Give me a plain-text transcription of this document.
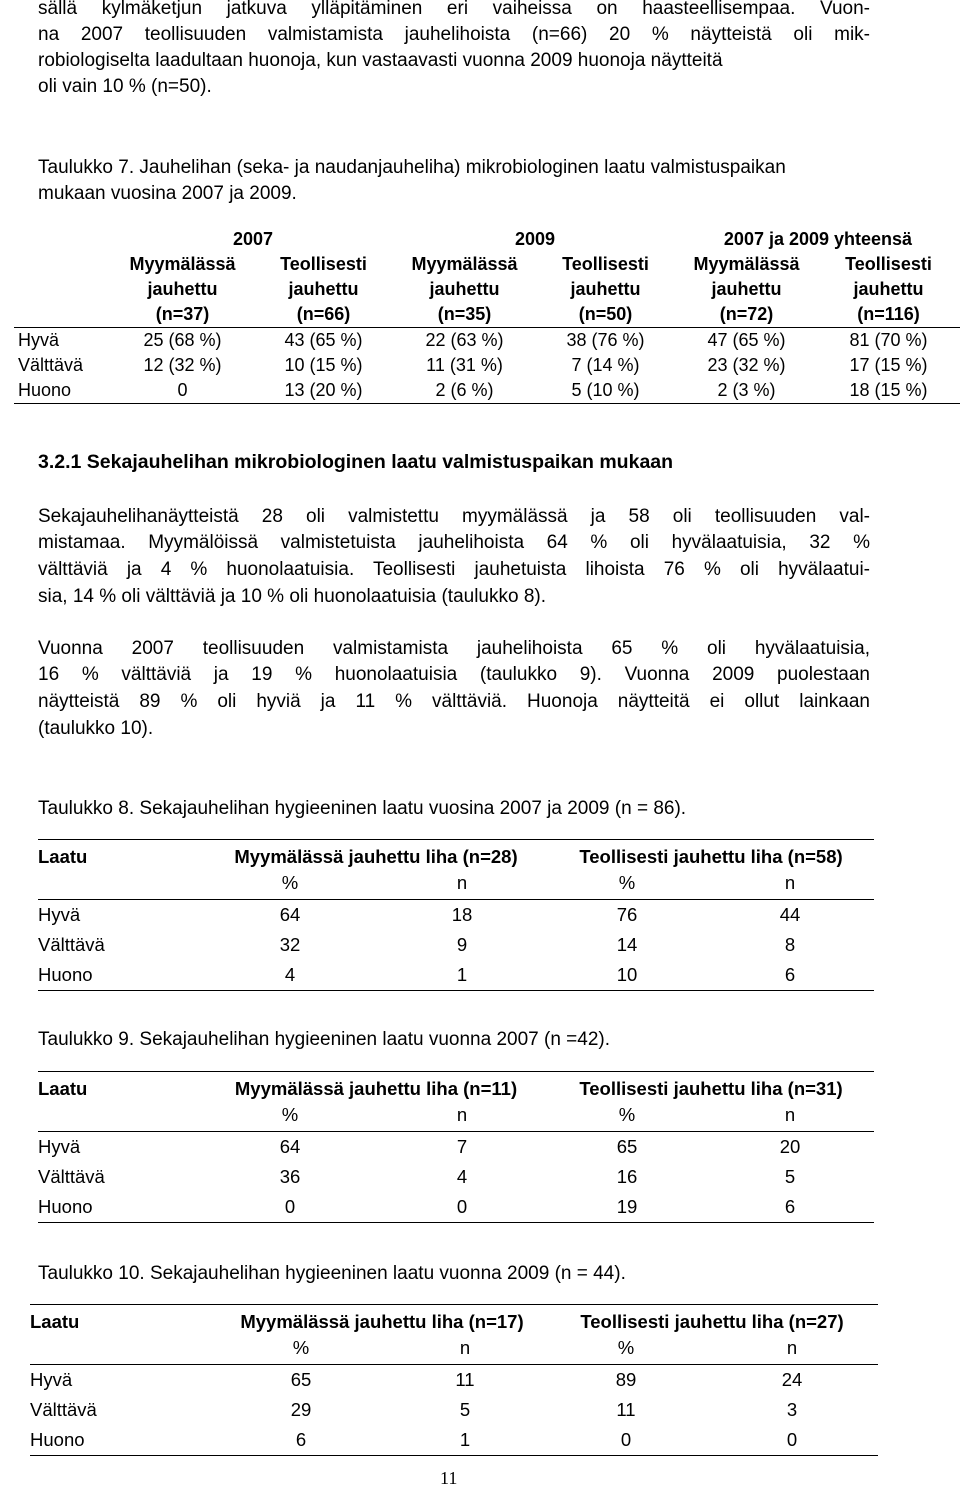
sällä kylmäketjun jatkuva ylläpitäminen eri vaiheissa on haasteellisempaa. Vuon-
na 2007 teollisuuden valmistamista jauhelihoista (n=66) 20 % näytteistä oli mik-
robiologiselta laadultaan huonoja, kun vastaavasti vuonna 2009 huonoja näytteitä
oli vain 10 % (n=50).
Taulukko 7. Jauhelihan (seka- ja naudanjauheliha) mikrobiologinen laatu valmistuspaikan
mukaan vuosina 2007 ja 2009.
	2007		2009		2007 ja 2009 yhteensä	
	Myymälässä	Teollisesti	Myymälässä	Teollisesti	Myymälässä	Teollisesti
	jauhettu	jauhettu	jauhettu	jauhettu	jauhettu	jauhettu
	(n=37)	(n=66)	(n=35)	(n=50)	(n=72)	(n=116)
Hyvä	25 (68 %)	43 (65 %)	22 (63 %)	38 (76 %)	47 (65 %)	81 (70 %)
Välttävä	12 (32 %)	10 (15 %)	11 (31 %)	7 (14 %)	23 (32 %)	17 (15 %)
Huono	0	13 (20 %)	2 (6 %)	5 (10 %)	2 (3 %)	18 (15 %)
3.2.1 Sekajauhelihan mikrobiologinen laatu valmistuspaikan mukaan
Sekajauhelihanäytteistä 28 oli valmistettu myymälässä ja 58 oli teollisuuden val-
mistamaa. Myymälöissä valmistetuista jauhelihoista 64 % oli hyvälaatuisia, 32 %
välttäviä ja 4 % huonolaatuisia. Teollisesti jauhetuista lihoista 76 % oli hyvälaatui-
sia, 14 % oli välttäviä ja 10 % oli huonolaatuisia (taulukko 8).
Vuonna 2007 teollisuuden valmistamista jauhelihoista 65 % oli hyvälaatuisia,
16 % välttäviä ja 19 % huonolaatuisia (taulukko 9). Vuonna 2009 puolestaan
näytteistä 89 % oli hyviä ja 11 % välttäviä. Huonoja näytteitä ei ollut lainkaan
(taulukko 10).
Taulukko 8. Sekajauhelihan hygieeninen laatu vuosina 2007 ja 2009 (n = 86).
Laatu	Myymälässä jauhettu liha (n=28)		Teollisesti jauhettu liha (n=58)	
	%	n	%	n
Hyvä	64	18	76	44
Välttävä	32	9	14	8
Huono	4	1	10	6
Taulukko 9. Sekajauhelihan hygieeninen laatu vuonna 2007 (n =42).
Laatu	Myymälässä jauhettu liha (n=11)		Teollisesti jauhettu liha (n=31)	
	%	n	%	n
Hyvä	64	7	65	20
Välttävä	36	4	16	5
Huono	0	0	19	6
Taulukko 10. Sekajauhelihan hygieeninen laatu vuonna 2009 (n = 44).
Laatu	Myymälässä jauhettu liha (n=17)		Teollisesti jauhettu liha (n=27)	
	%	n	%	n
Hyvä	65	11	89	24
Välttävä	29	5	11	3
Huono	6	1	0	0
11
